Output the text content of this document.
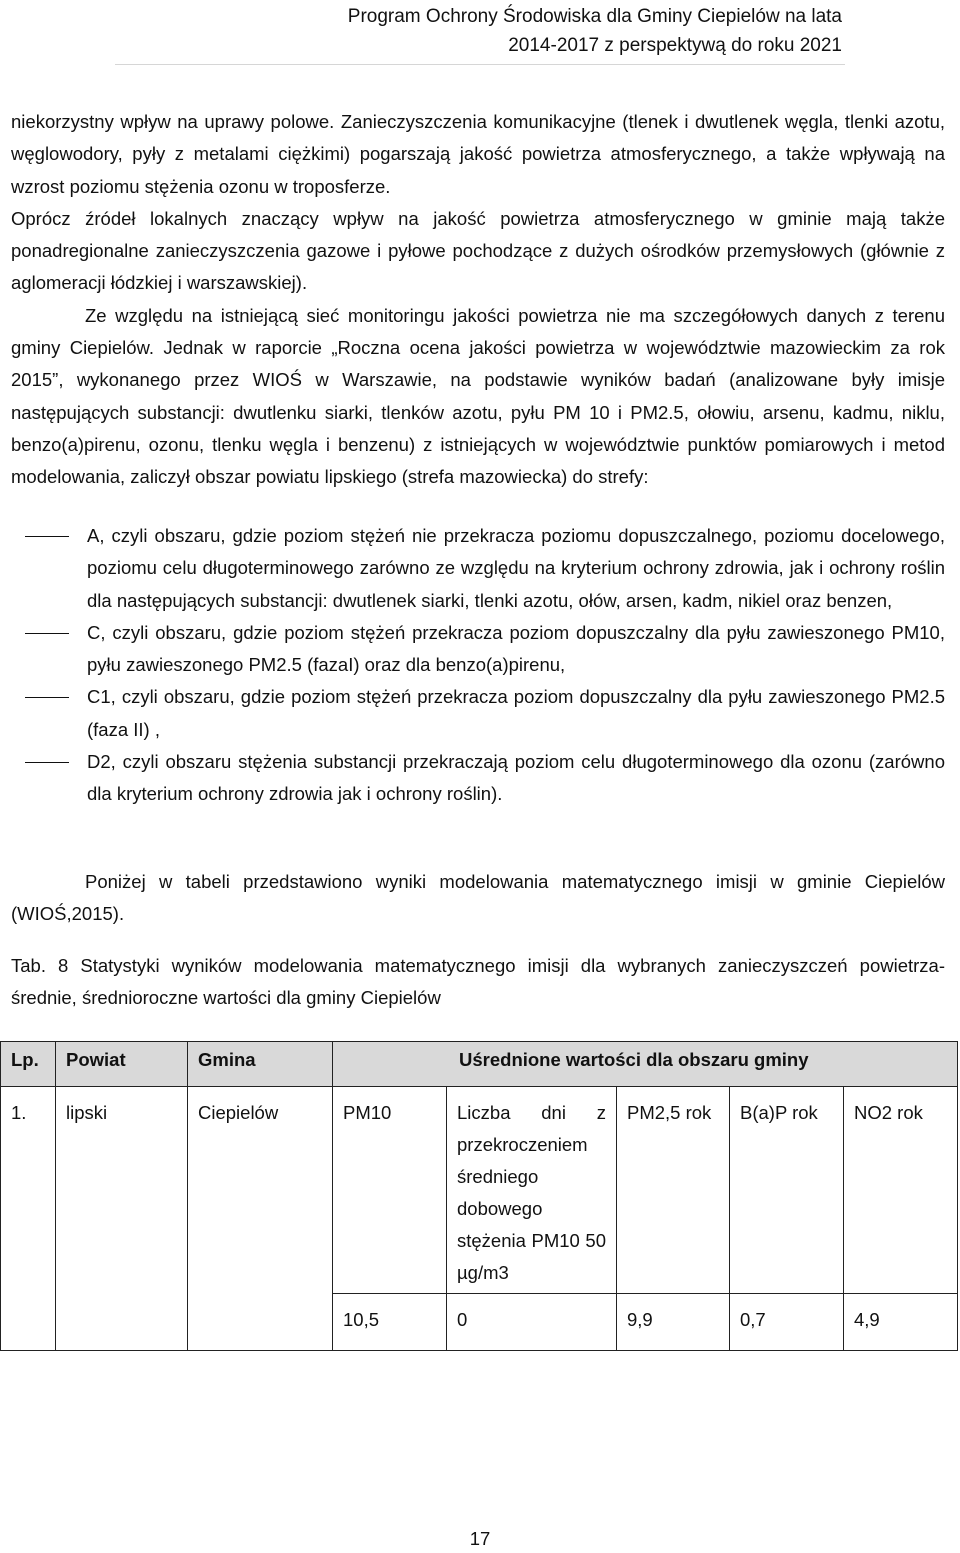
Program Ochrony Środowiska dla Gminy Ciepielów na lata
2014-2017 z perspektywą do roku 2021

niekorzystny wpływ na uprawy polowe. Zanieczyszczenia komunikacyjne (tlenek i dwutlenek węgla, tlenki azotu, węglowodory, pyły z metalami ciężkimi) pogarszają jakość powietrza atmosferycznego, a także wpływają na wzrost poziomu stężenia ozonu w troposferze.

Oprócz źródeł lokalnych znaczący wpływ na jakość powietrza atmosferycznego w gminie mają także ponadregionalne zanieczyszczenia gazowe i pyłowe pochodzące z dużych ośrodków przemysłowych (głównie z aglomeracji łódzkiej i warszawskiej).

Ze względu na istniejącą sieć monitoringu jakości powietrza nie ma szczegółowych danych z terenu gminy Ciepielów. Jednak w raporcie „Roczna ocena jakości powietrza w województwie mazowieckim za rok 2015”, wykonanego przez WIOŚ w Warszawie, na podstawie wyników badań (analizowane były imisje następujących substancji: dwutlenku siarki, tlenków azotu, pyłu PM 10 i PM2.5, ołowiu, arsenu, kadmu, niklu, benzo(a)pirenu, ozonu, tlenku węgla i benzenu) z istniejących w województwie punktów pomiarowych i metod modelowania, zaliczył obszar powiatu lipskiego (strefa mazowiecka) do strefy:

A, czyli obszaru, gdzie poziom stężeń nie przekracza poziomu dopuszczalnego, poziomu docelowego, poziomu celu długoterminowego zarówno ze względu na kryterium ochrony zdrowia, jak i ochrony roślin dla następujących substancji: dwutlenek siarki, tlenki azotu, ołów, arsen, kadm, nikiel oraz benzen,
C, czyli obszaru, gdzie poziom stężeń przekracza poziom dopuszczalny dla pyłu zawieszonego PM10, pyłu zawieszonego PM2.5 (fazaI) oraz dla benzo(a)pirenu,
C1, czyli obszaru, gdzie poziom stężeń przekracza poziom dopuszczalny dla pyłu zawieszonego PM2.5 (faza II) ,
D2, czyli obszaru stężenia substancji przekraczają poziom celu długoterminowego dla ozonu (zarówno dla kryterium ochrony zdrowia jak i ochrony roślin).

Poniżej w tabeli przedstawiono wyniki modelowania matematycznego imisji w gminie Ciepielów (WIOŚ,2015).

Tab. 8 Statystyki wyników modelowania matematycznego imisji dla wybranych zanieczyszczeń powietrza- średnie, średnioroczne wartości dla gminy Ciepielów
Lp.	Powiat	Gmina	Uśrednione wartości dla obszaru gminy				
1.	lipski	Ciepielów	PM10	Liczba dni z przekroczeniem średniego dobowego stężenia PM10 50 µg/m3	PM2,5 rok	B(a)P rok	NO2 rok
			10,5	0	9,9	0,7	4,9
17
